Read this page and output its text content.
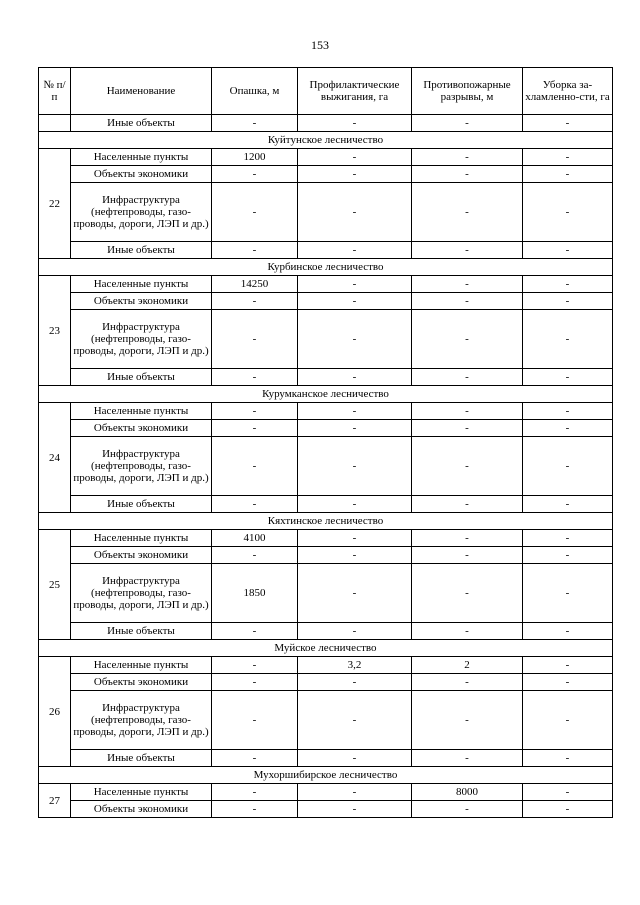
153
№ п/п	Наименование	Опашка, м	Профилактические выжигания, га	Противопожарные разрывы, м	Уборка за-хламленно-сти, га
	Иные объекты	-	-	-	-
Куйтунское лесничество					
22	Населенные пункты	1200	-	-	-
	Объекты экономики	-	-	-	-
	Инфраструктура (нефтепроводы, газо-проводы, дороги, ЛЭП и др.)	-	-	-	-
	Иные объекты	-	-	-	-
Курбинское лесничество					
23	Населенные пункты	14250	-	-	-
	Объекты экономики	-	-	-	-
	Инфраструктура (нефтепроводы, газо-проводы, дороги, ЛЭП и др.)	-	-	-	-
	Иные объекты	-	-	-	-
Курумканское лесничество					
24	Населенные пункты	-	-	-	-
	Объекты экономики	-	-	-	-
	Инфраструктура (нефтепроводы, газо-проводы, дороги, ЛЭП и др.)	-	-	-	-
	Иные объекты	-	-	-	-
Кяхтинское лесничество					
25	Населенные пункты	4100	-	-	-
	Объекты экономики	-	-	-	-
	Инфраструктура (нефтепроводы, газо-проводы, дороги, ЛЭП и др.)	1850	-	-	-
	Иные объекты	-	-	-	-
Муйское лесничество					
26	Населенные пункты	-	3,2	2	-
	Объекты экономики	-	-	-	-
	Инфраструктура (нефтепроводы, газо-проводы, дороги, ЛЭП и др.)	-	-	-	-
	Иные объекты	-	-	-	-
Мухоршибирское лесничество					
27	Населенные пункты	-	-	8000	-
	Объекты экономики	-	-	-	-
